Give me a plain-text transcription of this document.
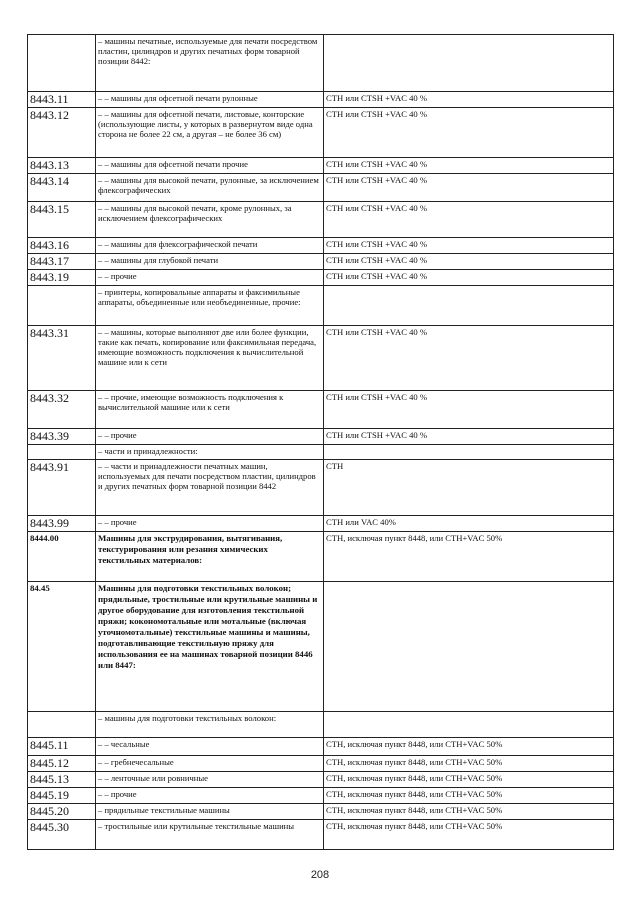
	– машины печатные, используемые для печати посредством пластин, цилиндров и других печатных форм товарной позиции 8442:	
8443.11	– – машины для офсетной печати рулонные	СТН или СТSH +VAC 40 %
8443.12	– – машины для офсетной печати, листовые, конторские (использующие листы, у которых в развернутом виде одна сторона не более 22 см, а другая – не более 36 см)	СТН или СТSH +VAC 40 %
8443.13	– – машины для офсетной печати прочие	СТН или СТSH +VAC 40 %
8443.14	– – машины для высокой печати, рулонные, за исключением флексографических	СТН или СТSH +VAC 40 %
8443.15	– – машины для высокой печати, кроме рулонных, за исключением флексографических	СТН или СТSH +VAC 40 %
8443.16	– – машины для флексографической печати	СТН или СТSH +VAC 40 %
8443.17	– – машины для глубокой печати	СТН или СТSH +VAC 40 %
8443.19	– – прочие	СТН или СТSH +VAC 40 %
	– принтеры, копировальные аппараты и факсимильные аппараты, объединенные или необъединенные, прочие:	
8443.31	– – машины, которые выполняют две или более функции, такие как печать, копирование или факсимильная передача, имеющие возможность подключения к вычислительной машине или к сети	СТН или СТSH +VAC 40 %
8443.32	– – прочие, имеющие возможность подключения к вычислительной машине или к сети	СТН или СТSH +VAC 40 %
8443.39	– – прочие	СТН или СТSH +VAC 40 %
	– части и принадлежности:	
8443.91	– – части и принадлежности печатных машин, используемых для печати посредством пластин, цилиндров и других печатных форм товарной позиции 8442	СТН
8443.99	– – прочие	СТН или VAC 40%
8444.00	Машины для экструдирования, вытягивания, текстурирования или резания химических текстильных материалов:	СТН, исключая пункт 8448, или СТН+VAC 50%
84.45	Машины для подготовки текстильных волокон; прядильные, тростильные или крутильные машины и другое оборудование для изготовления текстильной пряжи; кокономотальные или мотальные (включая уточномотальные) текстильные машины и машины, подготавливающие текстильную пряжу для использования ее на машинах товарной позиции 8446 или 8447:	
	– машины для подготовки текстильных волокон:	
8445.11	– – чесальные	СТН, исключая пункт 8448, или СТН+VAC 50%
8445.12	– – гребнечесальные	СТН, исключая пункт 8448, или СТН+VAC 50%
8445.13	– – ленточные или ровничные	СТН, исключая пункт 8448, или СТН+VAC 50%
8445.19	– – прочие	СТН, исключая пункт 8448, или СТН+VAC 50%
8445.20	– прядильные текстильные машины	СТН, исключая пункт 8448, или СТН+VAC 50%
8445.30	– тростильные или крутильные текстильные машины	СТН, исключая пункт 8448, или СТН+VAC 50%
208
